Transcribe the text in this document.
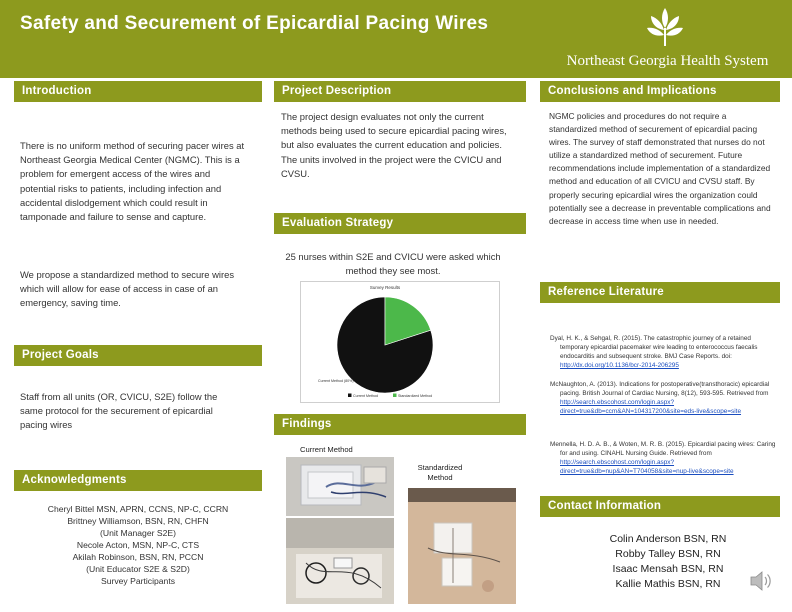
Safety and Securement of Epicardial Pacing Wires
Northeast Georgia Health System
Introduction
There is no uniform method of securing pacer wires at Northeast Georgia Medical Center (NGMC). This is a problem for emergent access of the wires and potential risks to patients, including infection and accidental dislodgement which could result in tamponade and failure to sense and capture.
We propose a standardized method to secure wires which will allow for ease of access in case of an emergency, saving time.
Project Goals
Staff from all units (OR, CVICU, S2E) follow the same protocol for the securement of epicardial pacing wires
Acknowledgments
Cheryl Bittel MSN, APRN, CCNS, NP-C, CCRN
Brittney Williamson, BSN, RN, CHFN
(Unit Manager S2E)
Necole Acton, MSN, NP-C, CTS
Akilah Robinson, BSN, RN, PCCN
(Unit Educator S2E & S2D)
Survey Participants
Project Description
The project design evaluates not only the current methods being used to secure epicardial pacing wires, but also evaluates the current education and policies. The units involved in the project were the CVICU and CVSU.
Evaluation Strategy
25 nurses within S2E and CVICU were asked which method they see most.
Survey Results
Current Method (80%)
Current Method	Standardized Method
Findings
Current Method
Standardized Method
Conclusions and Implications
NGMC policies and procedures do not require a standardized method of securement of epicardial pacing wires. The survey of staff demonstrated that nurses do not utilize a standardized method of securement. Future recommendations include implementation of a standardized method and education of all CVICU and CVSU staff. By properly securing epicardial wires the organization could potentially see a decrease in preventable complications and decrease in access time when use in needed.
Reference Literature
Dyal, H. K., & Sehgal, R. (2015). The catastrophic journey of a retained temporary epicardial pacemaker wire leading to enterococcus faecalis endocarditis and subsequent stroke. BMJ Case Reports. doi: http://dx.doi.org/10.1136/bcr-2014-206295
McNaughton, A. (2013). Indications for postoperative(transthoracic) epicardial pacing. British Journal of Cardiac Nursing, 8(12), 593-595. Retrieved from http://search.ebscohost.com/login.aspx?direct=true&db=ccm&AN=104317200&site=eds-live&scope=site
Mennella, H. D. A. B., & Woten, M. R. B. (2015). Epicardial pacing wires: Caring for and using. CINAHL Nursing Guide. Retrieved from http://search.ebscohost.com/login.aspx?direct=true&db=nup&AN=T704058&site=nup-live&scope=site
Contact Information
Colin Anderson BSN, RN
Robby Talley BSN, RN
Isaac Mensah BSN, RN
Kallie Mathis BSN, RN
